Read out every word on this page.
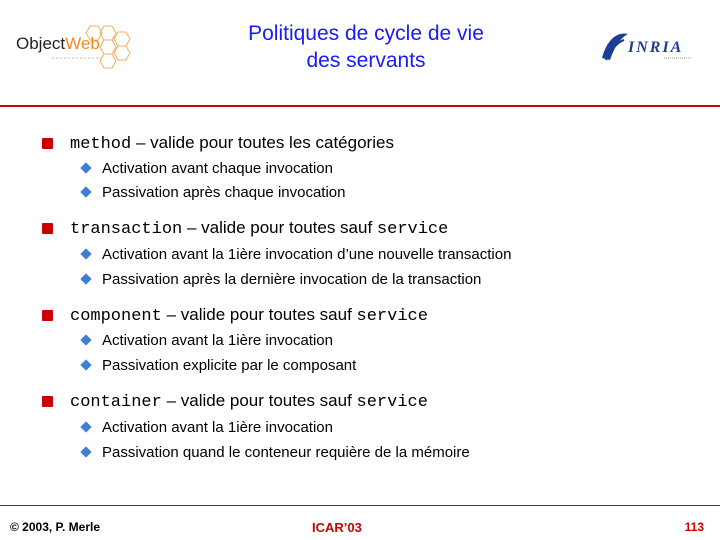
ObjectWeb	Politiques de cycle de vie
des servants
INRIA
method – valide pour toutes les catégories
Activation avant chaque invocation
Passivation après chaque invocation
transaction – valide pour toutes sauf service
Activation avant la 1ière invocation d’une nouvelle transaction
Passivation après la dernière invocation de la transaction
component – valide pour toutes sauf service
Activation avant la 1ière invocation
Passivation explicite par le composant
container – valide pour toutes sauf service
Activation avant la 1ière invocation
Passivation quand le conteneur requière de la mémoire
© 2003, P. Merle	ICAR’03	113
